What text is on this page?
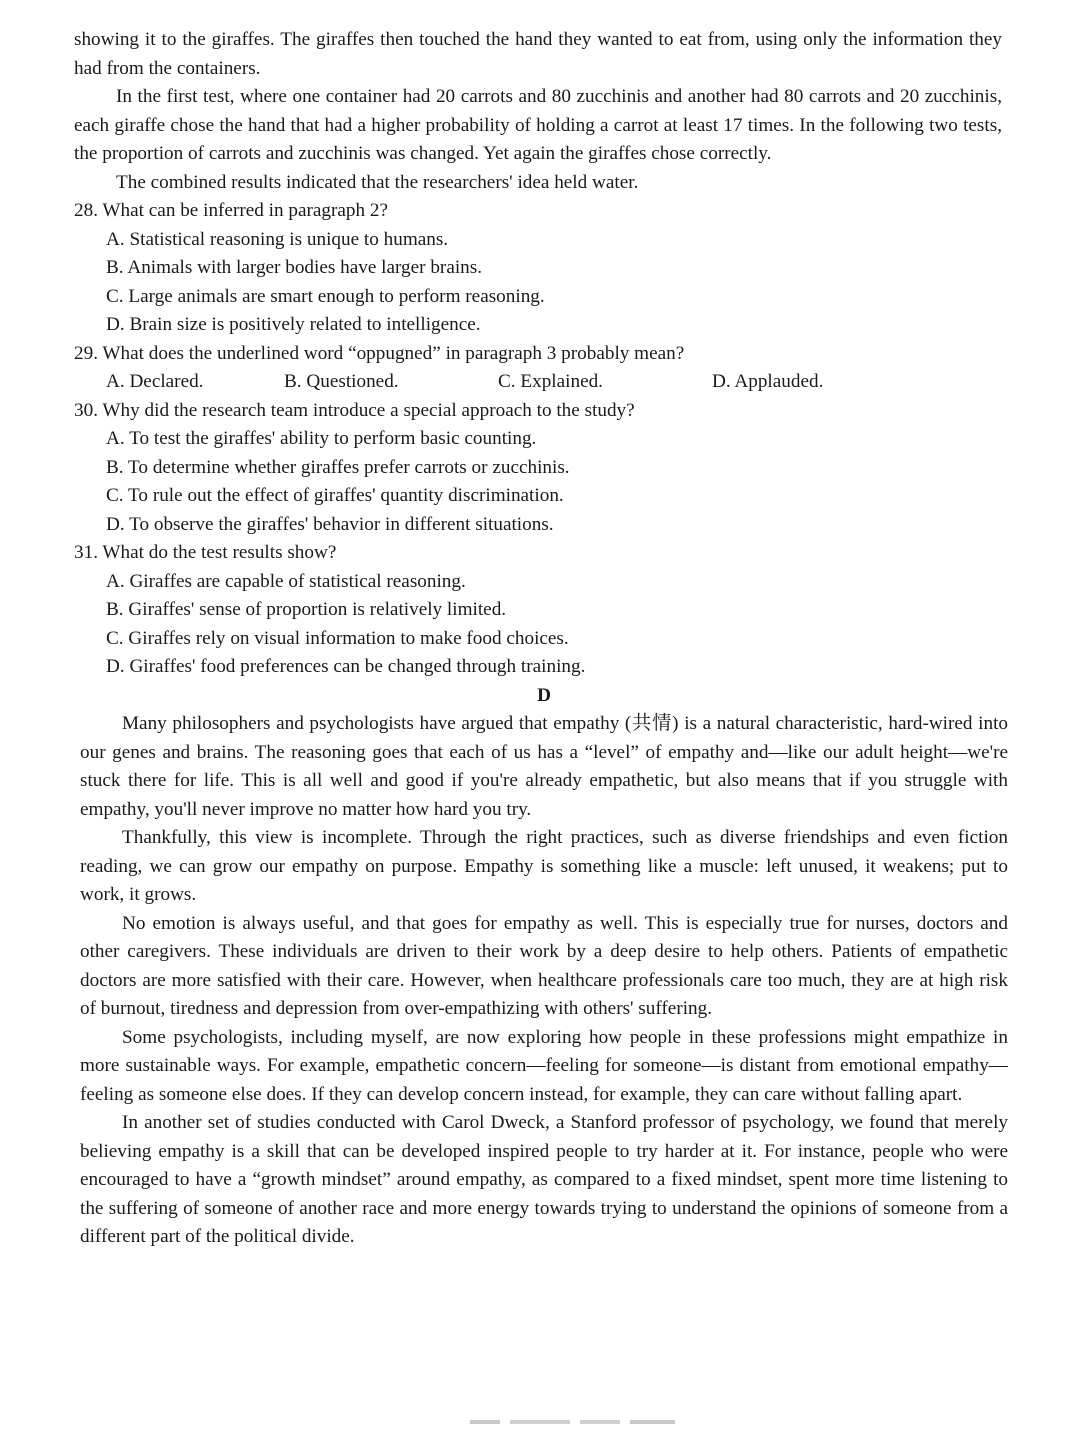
showing it to the giraffes. The giraffes then touched the hand they wanted to eat from, using only the information they had from the containers.

In the first test, where one container had 20 carrots and 80 zucchinis and another had 80 carrots and 20 zucchinis, each giraffe chose the hand that had a higher probability of holding a carrot at least 17 times. In the following two tests, the proportion of carrots and zucchinis was changed. Yet again the giraffes chose correctly.

The combined results indicated that the researchers' idea held water.

28. What can be inferred in paragraph 2?

A. Statistical reasoning is unique to humans.

B. Animals with larger bodies have larger brains.

C. Large animals are smart enough to perform reasoning.

D. Brain size is positively related to intelligence.

29. What does the underlined word “oppugned” in paragraph 3 probably mean?

A. Declared.	B. Questioned.	C. Explained.	D. Applauded.

30. Why did the research team introduce a special approach to the study?

A. To test the giraffes' ability to perform basic counting.

B. To determine whether giraffes prefer carrots or zucchinis.

C. To rule out the effect of giraffes' quantity discrimination.

D. To observe the giraffes' behavior in different situations.

31. What do the test results show?

A. Giraffes are capable of statistical reasoning.

B. Giraffes' sense of proportion is relatively limited.

C. Giraffes rely on visual information to make food choices.

D. Giraffes' food preferences can be changed through training.

D

Many philosophers and psychologists have argued that empathy (共情) is a natural characteristic, hard-wired into our genes and brains. The reasoning goes that each of us has a “level” of empathy and—like our adult height—we're stuck there for life. This is all well and good if you're already empathetic, but also means that if you struggle with empathy, you'll never improve no matter how hard you try.

Thankfully, this view is incomplete. Through the right practices, such as diverse friendships and even fiction reading, we can grow our empathy on purpose. Empathy is something like a muscle: left unused, it weakens; put to work, it grows.

No emotion is always useful, and that goes for empathy as well. This is especially true for nurses, doctors and other caregivers. These individuals are driven to their work by a deep desire to help others. Patients of empathetic doctors are more satisfied with their care. However, when healthcare professionals care too much, they are at high risk of burnout, tiredness and depression from over-empathizing with others' suffering.

Some psychologists, including myself, are now exploring how people in these professions might empathize in more sustainable ways. For example, empathetic concern—feeling for someone—is distant from emotional empathy—feeling as someone else does. If they can develop concern instead, for example, they can care without falling apart.

In another set of studies conducted with Carol Dweck, a Stanford professor of psychology, we found that merely believing empathy is a skill that can be developed inspired people to try harder at it. For instance, people who were encouraged to have a “growth mindset” around empathy, as compared to a fixed mindset, spent more time listening to the suffering of someone of another race and more energy towards trying to understand the opinions of someone from a different part of the political divide.
